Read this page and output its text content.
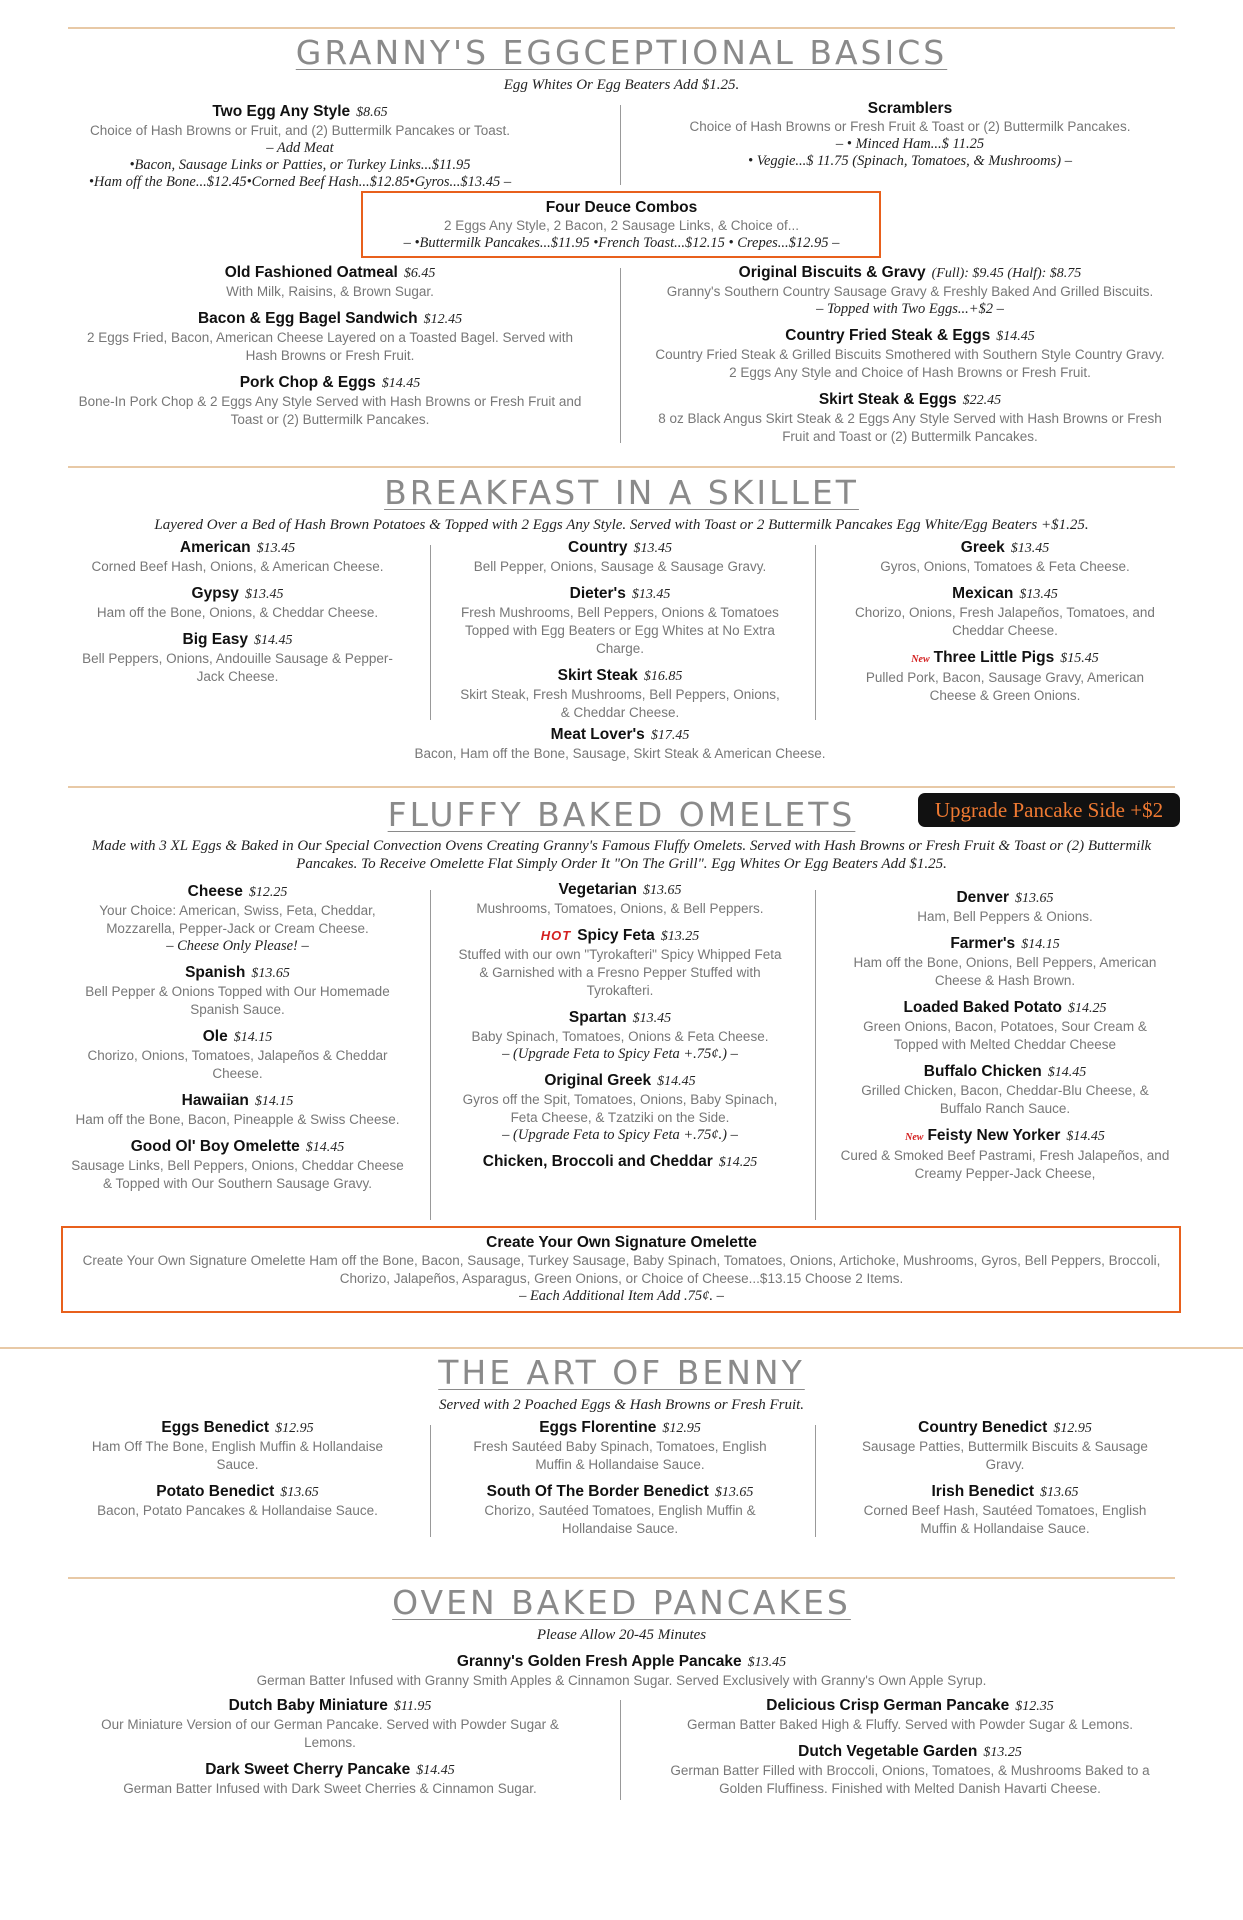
GRANNY'S EGGCEPTIONAL BASICS
Egg Whites Or Egg Beaters Add $1.25.
Two Egg Any Style $8.65
Choice of Hash Browns or Fruit, and (2) Buttermilk Pancakes or Toast.
– Add Meat
•Bacon, Sausage Links or Patties, or Turkey Links...$11.95
•Ham off the Bone...$12.45•Corned Beef Hash...$12.85•Gyros...$13.45 –
Scramblers
Choice of Hash Browns or Fresh Fruit & Toast or (2) Buttermilk Pancakes.
– • Minced Ham...$ 11.25
• Veggie...$ 11.75 (Spinach, Tomatoes, & Mushrooms) –
Four Deuce Combos
2 Eggs Any Style, 2 Bacon, 2 Sausage Links, & Choice of...
– •Buttermilk Pancakes...$11.95 •French Toast...$12.15 • Crepes...$12.95 –
Old Fashioned Oatmeal $6.45
With Milk, Raisins, & Brown Sugar.
Bacon & Egg Bagel Sandwich $12.45
2 Eggs Fried, Bacon, American Cheese Layered on a Toasted Bagel. Served with Hash Browns or Fresh Fruit.
Pork Chop & Eggs $14.45
Bone-In Pork Chop & 2 Eggs Any Style Served with Hash Browns or Fresh Fruit and Toast or (2) Buttermilk Pancakes.
Original Biscuits & Gravy (Full): $9.45 (Half): $8.75
Granny's Southern Country Sausage Gravy & Freshly Baked And Grilled Biscuits.
– Topped with Two Eggs...+$2 –
Country Fried Steak & Eggs $14.45
Country Fried Steak & Grilled Biscuits Smothered with Southern Style Country Gravy. 2 Eggs Any Style and Choice of Hash Browns or Fresh Fruit.
Skirt Steak & Eggs $22.45
8 oz Black Angus Skirt Steak & 2 Eggs Any Style Served with Hash Browns or Fresh Fruit and Toast or (2) Buttermilk Pancakes.
BREAKFAST IN A SKILLET
Layered Over a Bed of Hash Brown Potatoes & Topped with 2 Eggs Any Style. Served with Toast or 2 Buttermilk Pancakes Egg White/Egg Beaters +$1.25.
American $13.45
Corned Beef Hash, Onions, & American Cheese.
Gypsy $13.45
Ham off the Bone, Onions, & Cheddar Cheese.
Big Easy $14.45
Bell Peppers, Onions, Andouille Sausage & Pepper-Jack Cheese.
Country $13.45
Bell Pepper, Onions, Sausage & Sausage Gravy.
Dieter's $13.45
Fresh Mushrooms, Bell Peppers, Onions & Tomatoes Topped with Egg Beaters or Egg Whites at No Extra Charge.
Skirt Steak $16.85
Skirt Steak, Fresh Mushrooms, Bell Peppers, Onions, & Cheddar Cheese.
Meat Lover's $17.45
Bacon, Ham off the Bone, Sausage, Skirt Steak & American Cheese.
Greek $13.45
Gyros, Onions, Tomatoes & Feta Cheese.
Mexican $13.45
Chorizo, Onions, Fresh Jalapeños, Tomatoes, and Cheddar Cheese.
New Three Little Pigs $15.45
Pulled Pork, Bacon, Sausage Gravy, American Cheese & Green Onions.
FLUFFY BAKED OMELETS	Upgrade Pancake Side +$2
Made with 3 XL Eggs & Baked in Our Special Convection Ovens Creating Granny's Famous Fluffy Omelets. Served with Hash Browns or Fresh Fruit & Toast or (2) Buttermilk Pancakes. To Receive Omelette Flat Simply Order It "On The Grill". Egg Whites Or Egg Beaters Add $1.25.
Cheese $12.25
Your Choice: American, Swiss, Feta, Cheddar, Mozzarella, Pepper-Jack or Cream Cheese.
– Cheese Only Please! –
Spanish $13.65
Bell Pepper & Onions Topped with Our Homemade Spanish Sauce.
Ole $14.15
Chorizo, Onions, Tomatoes, Jalapeños & Cheddar Cheese.
Hawaiian $14.15
Ham off the Bone, Bacon, Pineapple & Swiss Cheese.
Good Ol' Boy Omelette $14.45
Sausage Links, Bell Peppers, Onions, Cheddar Cheese & Topped with Our Southern Sausage Gravy.
Vegetarian $13.65
Mushrooms, Tomatoes, Onions, & Bell Peppers.
HOT Spicy Feta $13.25
Stuffed with our own "Tyrokafteri" Spicy Whipped Feta & Garnished with a Fresno Pepper Stuffed with Tyrokafteri.
Spartan $13.45
Baby Spinach, Tomatoes, Onions & Feta Cheese.
– (Upgrade Feta to Spicy Feta +.75¢.) –
Original Greek $14.45
Gyros off the Spit, Tomatoes, Onions, Baby Spinach, Feta Cheese, & Tzatziki on the Side.
– (Upgrade Feta to Spicy Feta +.75¢.) –
Chicken, Broccoli and Cheddar $14.25
Denver $13.65
Ham, Bell Peppers & Onions.
Farmer's $14.15
Ham off the Bone, Onions, Bell Peppers, American Cheese & Hash Brown.
Loaded Baked Potato $14.25
Green Onions, Bacon, Potatoes, Sour Cream & Topped with Melted Cheddar Cheese
Buffalo Chicken $14.45
Grilled Chicken, Bacon, Cheddar-Blu Cheese, & Buffalo Ranch Sauce.
New Feisty New Yorker $14.45
Cured & Smoked Beef Pastrami, Fresh Jalapeños, and Creamy Pepper-Jack Cheese,
Create Your Own Signature Omelette
Create Your Own Signature Omelette Ham off the Bone, Bacon, Sausage, Turkey Sausage, Baby Spinach, Tomatoes, Onions, Artichoke, Mushrooms, Gyros, Bell Peppers, Broccoli, Chorizo, Jalapeños, Asparagus, Green Onions, or Choice of Cheese...$13.15 Choose 2 Items.
– Each Additional Item Add .75¢. –
THE ART OF BENNY
Served with 2 Poached Eggs & Hash Browns or Fresh Fruit.
Eggs Benedict $12.95
Ham Off The Bone, English Muffin & Hollandaise Sauce.
Potato Benedict $13.65
Bacon, Potato Pancakes & Hollandaise Sauce.
Eggs Florentine $12.95
Fresh Sautéed Baby Spinach, Tomatoes, English Muffin & Hollandaise Sauce.
South Of The Border Benedict $13.65
Chorizo, Sautéed Tomatoes, English Muffin & Hollandaise Sauce.
Country Benedict $12.95
Sausage Patties, Buttermilk Biscuits & Sausage Gravy.
Irish Benedict $13.65
Corned Beef Hash, Sautéed Tomatoes, English Muffin & Hollandaise Sauce.
OVEN BAKED PANCAKES
Please Allow 20-45 Minutes
Granny's Golden Fresh Apple Pancake $13.45
German Batter Infused with Granny Smith Apples & Cinnamon Sugar. Served Exclusively with Granny's Own Apple Syrup.
Dutch Baby Miniature $11.95
Our Miniature Version of our German Pancake. Served with Powder Sugar & Lemons.
Dark Sweet Cherry Pancake $14.45
German Batter Infused with Dark Sweet Cherries & Cinnamon Sugar.
Delicious Crisp German Pancake $12.35
German Batter Baked High & Fluffy. Served with Powder Sugar & Lemons.
Dutch Vegetable Garden $13.25
German Batter Filled with Broccoli, Onions, Tomatoes, & Mushrooms Baked to a Golden Fluffiness. Finished with Melted Danish Havarti Cheese.
